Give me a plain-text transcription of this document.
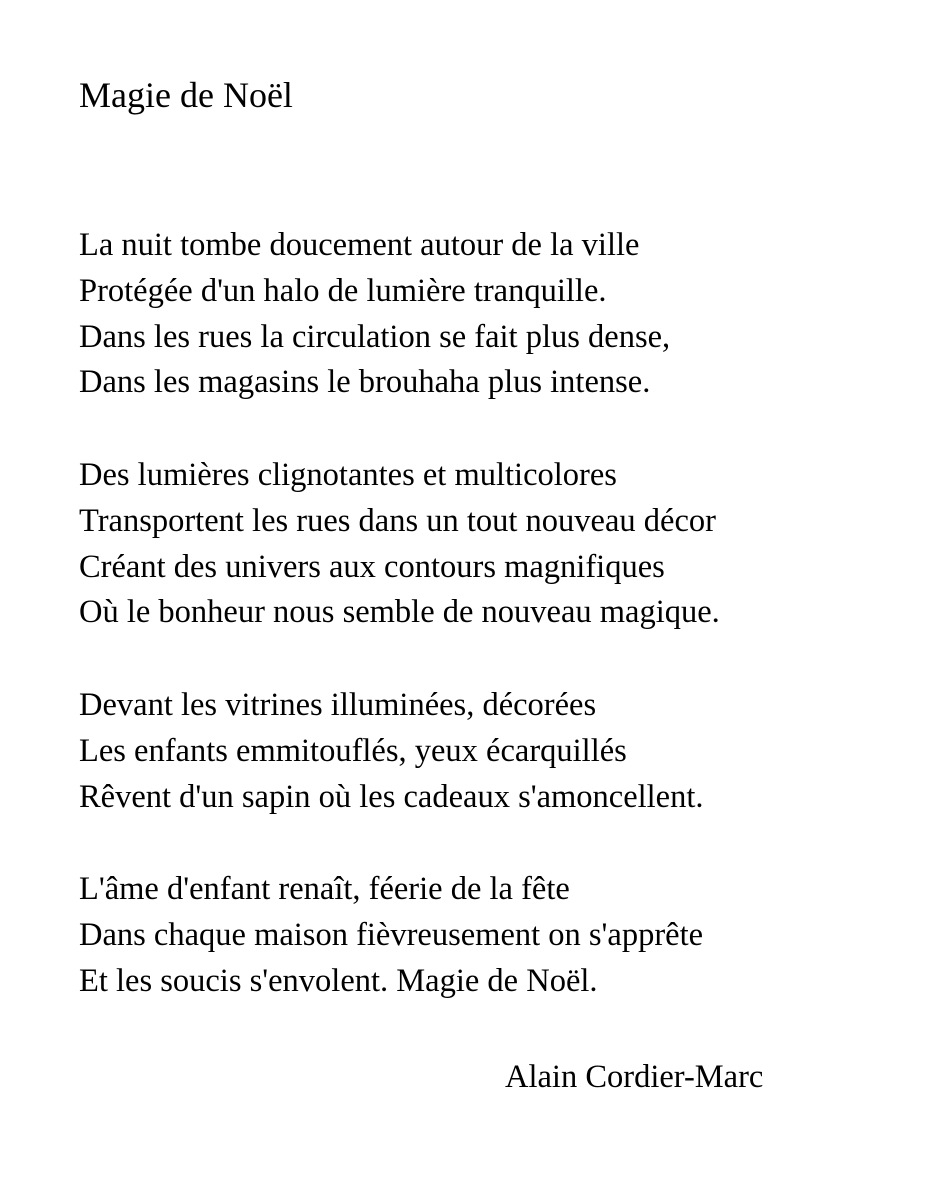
Magie de Noël

La nuit tombe doucement autour de la ville
Protégée d'un halo de lumière tranquille.
Dans les rues la circulation se fait plus dense,
Dans les magasins le brouhaha plus intense.

Des lumières clignotantes et multicolores
Transportent les rues dans un tout nouveau décor
Créant des univers aux contours magnifiques
Où le bonheur nous semble de nouveau magique.

Devant les vitrines illuminées, décorées
Les enfants emmitouflés, yeux écarquillés
Rêvent d'un sapin où les cadeaux s'amoncellent.

L'âme d'enfant renaît, féerie de la fête
Dans chaque maison fièvreusement on s'apprête
Et les soucis s'envolent. Magie de Noël.

Alain Cordier-Marc
